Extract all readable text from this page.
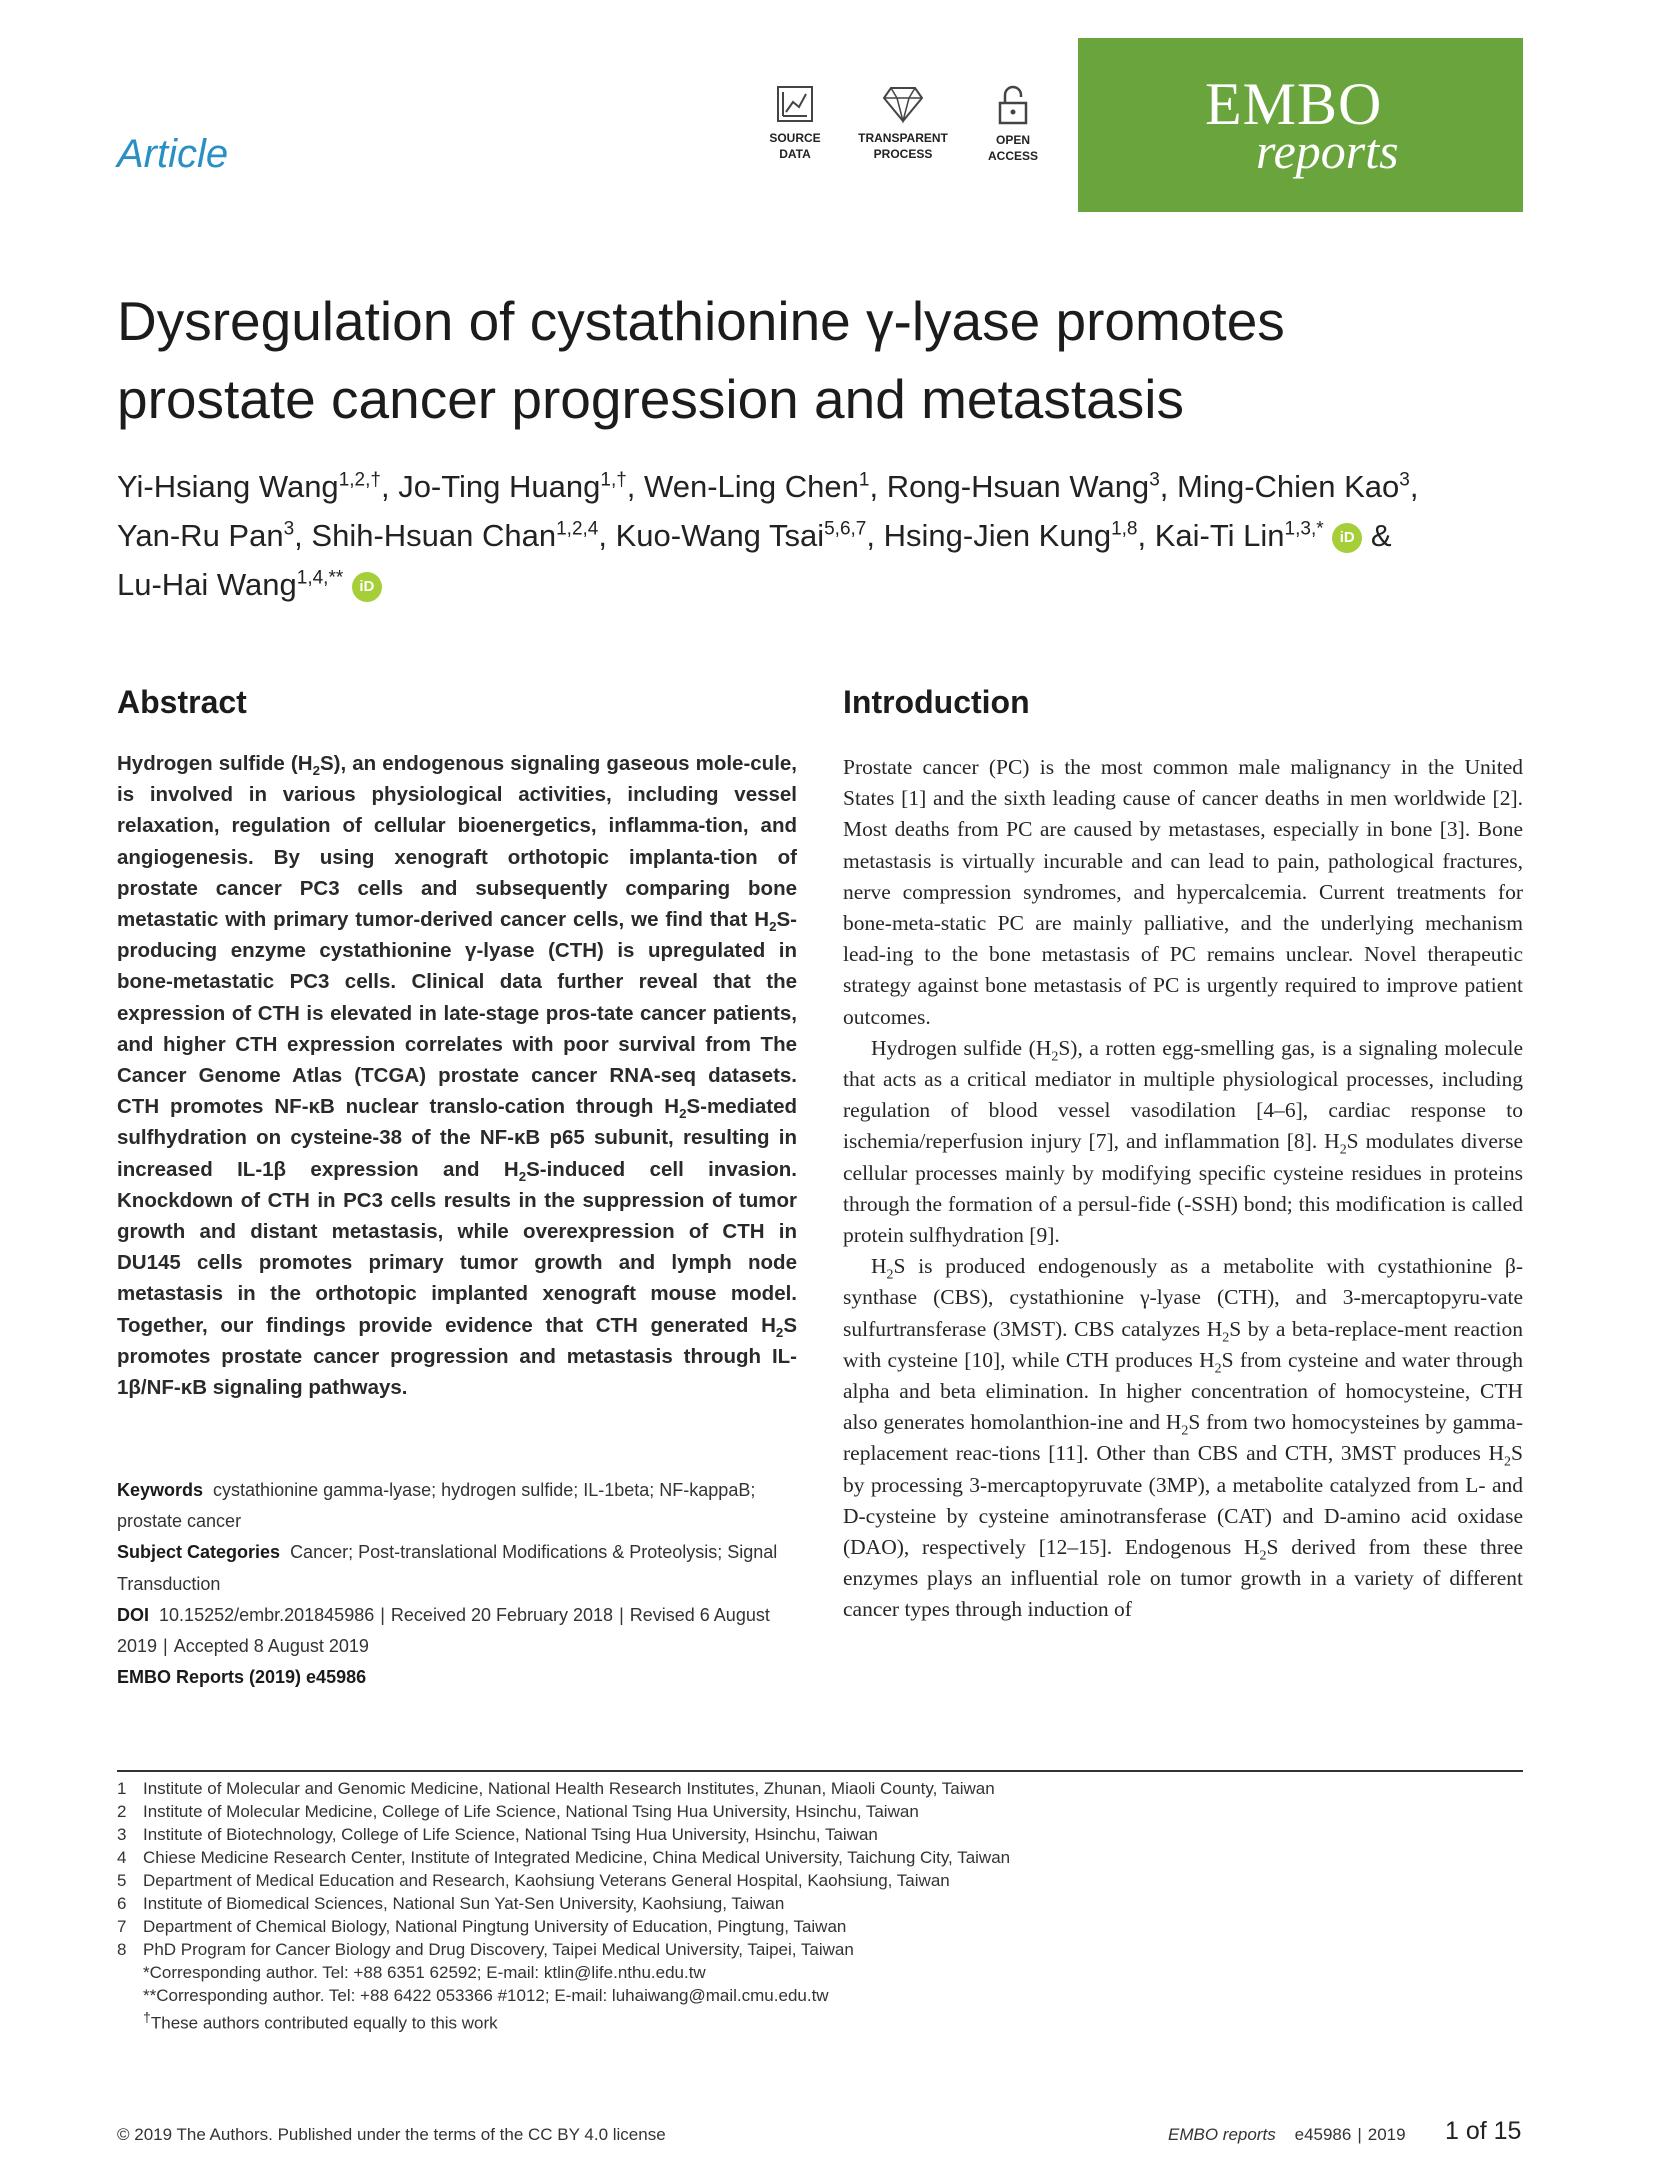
Article	SOURCE
DATA
TRANSPARENT
PROCESS
OPEN
ACCESS
EMBO
reports
Dysregulation of cystathionine γ-lyase promotes
prostate cancer progression and metastasis
Yi-Hsiang Wang$^{1,2,\dagger}$, Jo-Ting Huang$^{1,\dagger}$, Wen-Ling Chen$^1$, Rong-Hsuan Wang$^3$, Ming-Chien Kao$^3$,
Yan-Ru Pan$^3$, Shih-Hsuan Chan$^{1,2,4}$, Kuo-Wang Tsai$^{5,6,7}$, Hsing-Jien Kung$^{1,8}$, Kai-Ti Lin$^{1,3,*}$ iD &
Lu-Hai Wang$^{1,4,**}$ iD
Abstract
Hydrogen sulfide $(H_2S)$, an endogenous signaling gaseous mole-cule, is involved in various physiological activities, including vessel relaxation, regulation of cellular bioenergetics, inflamma-tion, and angiogenesis. By using xenograft orthotopic implanta-tion of prostate cancer PC3 cells and subsequently comparing bone metastatic with primary tumor-derived cancer cells, we find that $H_2S$-producing enzyme cystathionine γ-lyase (CTH) is upregulated in bone-metastatic PC3 cells. Clinical data further reveal that the expression of CTH is elevated in late-stage pros-tate cancer patients, and higher CTH expression correlates with poor survival from The Cancer Genome Atlas (TCGA) prostate cancer RNA-seq datasets. CTH promotes NF-κB nuclear translo-cation through $H_2S$-mediated sulfhydration on cysteine-38 of the NF-κB p65 subunit, resulting in increased IL-1β expression and $H_2S$-induced cell invasion. Knockdown of CTH in PC3 cells results in the suppression of tumor growth and distant metastasis, while overexpression of CTH in DU145 cells promotes primary tumor growth and lymph node metastasis in the orthotopic implanted xenograft mouse model. Together, our findings provide evidence that CTH generated $H_2S$ promotes prostate cancer progression and metastasis through IL-1β/NF-κB signaling pathways.
Keywords cystathionine gamma-lyase; hydrogen sulfide; IL-1beta; NF-kappaB; prostate cancer
Subject Categories Cancer; Post-translational Modifications & Proteolysis; Signal Transduction
DOI 10.15252/embr.201845986 | Received 20 February 2018 | Revised 6 August 2019 | Accepted 8 August 2019
EMBO Reports (2019) e45986
Introduction

Prostate cancer (PC) is the most common male malignancy in the United States [1] and the sixth leading cause of cancer deaths in men worldwide [2]. Most deaths from PC are caused by metastases, especially in bone [3]. Bone metastasis is virtually incurable and can lead to pain, pathological fractures, nerve compression syndromes, and hypercalcemia. Current treatments for bone-meta-static PC are mainly palliative, and the underlying mechanism lead-ing to the bone metastasis of PC remains unclear. Novel therapeutic strategy against bone metastasis of PC is urgently required to improve patient outcomes.

Hydrogen sulfide $(H_2S)$, a rotten egg-smelling gas, is a signaling molecule that acts as a critical mediator in multiple physiological processes, including regulation of blood vessel vasodilation [4–6], cardiac response to ischemia/reperfusion injury [7], and inflammation [8]. $H_2S$ modulates diverse cellular processes mainly by modifying specific cysteine residues in proteins through the formation of a persul-fide (-SSH) bond; this modification is called protein sulfhydration [9].

$H_2S$ is produced endogenously as a metabolite with cystathionine β-synthase (CBS), cystathionine γ-lyase (CTH), and 3-mercaptopyru-vate sulfurtransferase (3MST). CBS catalyzes $H_2S$ by a beta-replace-ment reaction with cysteine [10], while CTH produces $H_2S$ from cysteine and water through alpha and beta elimination. In higher concentration of homocysteine, CTH also generates homolanthion-ine and $H_2S$ from two homocysteines by gamma-replacement reac-tions [11]. Other than CBS and CTH, 3MST produces $H_2S$ by processing 3-mercaptopyruvate (3MP), a metabolite catalyzed from L- and D-cysteine by cysteine aminotransferase (CAT) and D-amino acid oxidase (DAO), respectively [12–15]. Endogenous $H_2S$ derived from these three enzymes plays an influential role on tumor growth in a variety of different cancer types through induction of

1 Institute of Molecular and Genomic Medicine, National Health Research Institutes, Zhunan, Miaoli County, Taiwan
2 Institute of Molecular Medicine, College of Life Science, National Tsing Hua University, Hsinchu, Taiwan
3 Institute of Biotechnology, College of Life Science, National Tsing Hua University, Hsinchu, Taiwan
4 Chiese Medicine Research Center, Institute of Integrated Medicine, China Medical University, Taichung City, Taiwan
5 Department of Medical Education and Research, Kaohsiung Veterans General Hospital, Kaohsiung, Taiwan
6 Institute of Biomedical Sciences, National Sun Yat-Sen University, Kaohsiung, Taiwan
7 Department of Chemical Biology, National Pingtung University of Education, Pingtung, Taiwan
8 PhD Program for Cancer Biology and Drug Discovery, Taipei Medical University, Taipei, Taiwan
*Corresponding author. Tel: +88 6351 62592; E-mail: ktlin@life.nthu.edu.tw
**Corresponding author. Tel: +88 6422 053366 #1012; E-mail: luhaiwang@mail.cmu.edu.tw
†These authors contributed equally to this work
© 2019 The Authors. Published under the terms of the CC BY 4.0 license	EMBO reports e45986 | 2019 1 of 15
